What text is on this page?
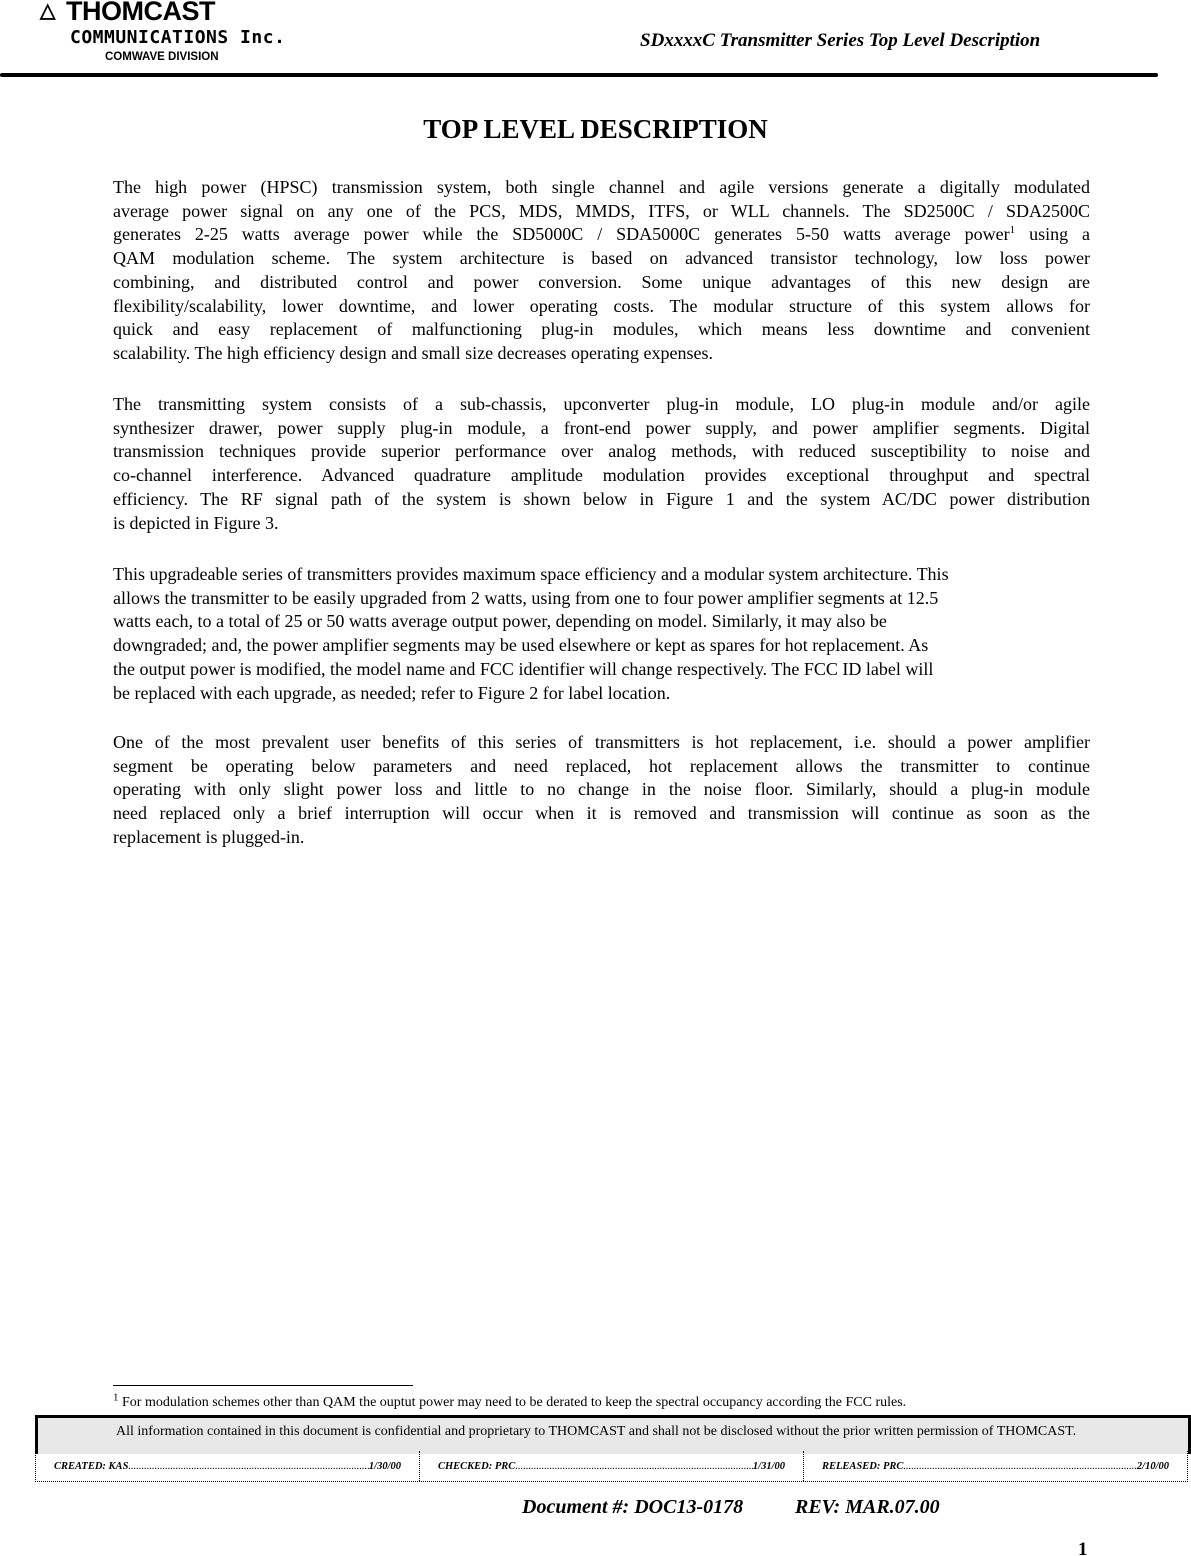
△ THOMCAST
COMMUNICATIONS Inc.
COMWAVE DIVISION
SDxxxxC Transmitter Series Top Level Description
TOP LEVEL DESCRIPTION
The high power (HPSC) transmission system, both single channel and agile versions generate a digitally modulated
average power signal on any one of the PCS, MDS, MMDS, ITFS, or WLL channels. The SD2500C / SDA2500C
generates 2-25 watts average power while the SD5000C / SDA5000C generates 5-50 watts average power$^1$ using a
QAM modulation scheme. The system architecture is based on advanced transistor technology, low loss power
combining, and distributed control and power conversion. Some unique advantages of this new design are
flexibility/scalability, lower downtime, and lower operating costs. The modular structure of this system allows for
quick and easy replacement of malfunctioning plug-in modules, which means less downtime and convenient
scalability. The high efficiency design and small size decreases operating expenses.
The transmitting system consists of a sub-chassis, upconverter plug-in module, LO plug-in module and/or agile
synthesizer drawer, power supply plug-in module, a front-end power supply, and power amplifier segments. Digital
transmission techniques provide superior performance over analog methods, with reduced susceptibility to noise and
co-channel interference. Advanced quadrature amplitude modulation provides exceptional throughput and spectral
efficiency. The RF signal path of the system is shown below in Figure 1 and the system AC/DC power distribution
is depicted in Figure 3.
This upgradeable series of transmitters provides maximum space efficiency and a modular system architecture. This
allows the transmitter to be easily upgraded from 2 watts, using from one to four power amplifier segments at 12.5
watts each, to a total of 25 or 50 watts average output power, depending on model. Similarly, it may also be
downgraded; and, the power amplifier segments may be used elsewhere or kept as spares for hot replacement. As
the output power is modified, the model name and FCC identifier will change respectively. The FCC ID label will
be replaced with each upgrade, as needed; refer to Figure 2 for label location.
One of the most prevalent user benefits of this series of transmitters is hot replacement, i.e. should a power amplifier
segment be operating below parameters and need replaced, hot replacement allows the transmitter to continue
operating with only slight power loss and little to no change in the noise floor. Similarly, should a plug-in module
need replaced only a brief interruption will occur when it is removed and transmission will continue as soon as the
replacement is plugged-in.
$^1$ For modulation schemes other than QAM the ouptut power may need to be derated to keep the spectral occupancy according the FCC rules.
All information contained in this document is confidential and proprietary to THOMCAST and shall not be disclosed without the prior written permission of THOMCAST.
CREATED: KAS .....	1/30/00	CHECKED: PRC .....	1/31/00	RELEASED: PRC .....	2/10/00
Document #: DOC13-0178	REV: MAR.07.00
1
